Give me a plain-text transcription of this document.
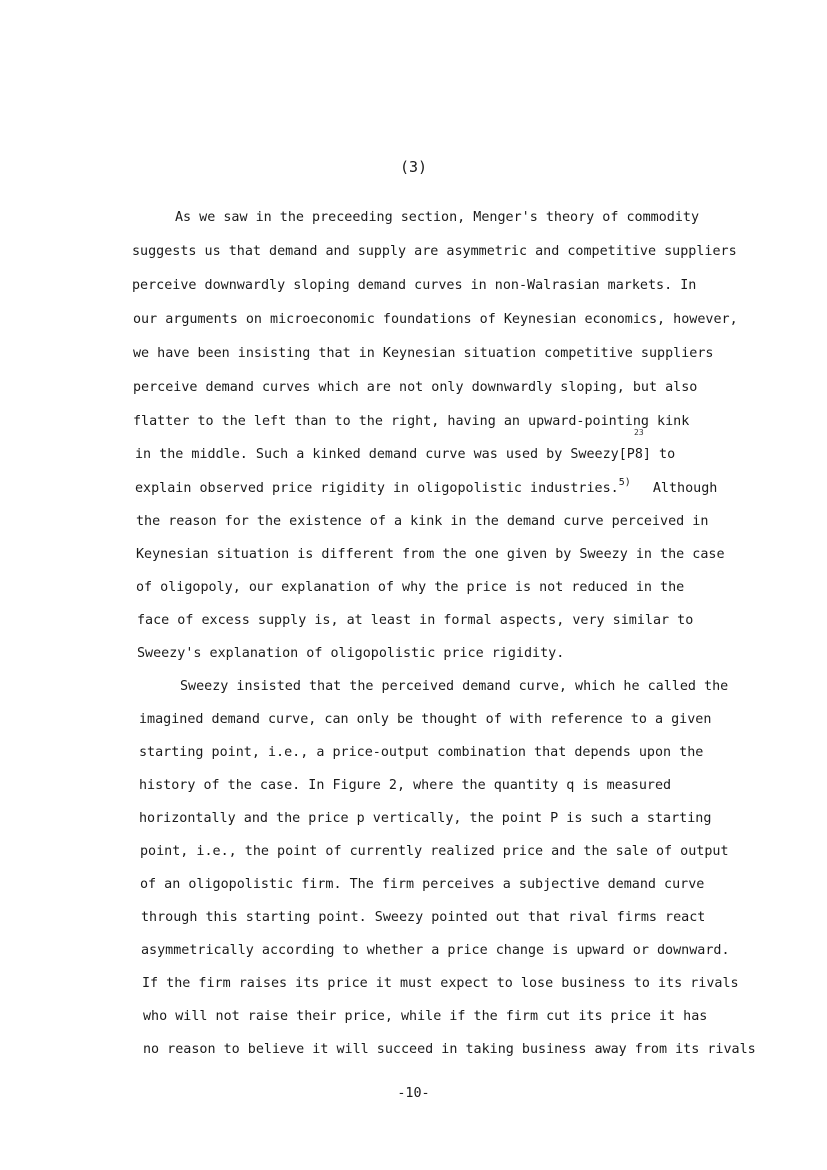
(3)
As we saw in the preceeding section, Menger's theory of commodity
suggests us that demand and supply are asymmetric and competitive suppliers
perceive downwardly sloping demand curves in non-Walrasian markets. In
our arguments on microeconomic foundations of Keynesian economics, however,
we have been insisting that in Keynesian situation competitive suppliers
perceive demand curves which are not only downwardly sloping, but also
flatter to the left than to the right, having an upward-pointing kink
23
in the middle. Such a kinked demand curve was used by Sweezy[P8] to
explain observed price rigidity in oligopolistic industries.$^{5)}$ Although
the reason for the existence of a kink in the demand curve perceived in
Keynesian situation is different from the one given by Sweezy in the case
of oligopoly, our explanation of why the price is not reduced in the
face of excess supply is, at least in formal aspects, very similar to
Sweezy's explanation of oligopolistic price rigidity.
Sweezy insisted that the perceived demand curve, which he called the
imagined demand curve, can only be thought of with reference to a given
starting point, i.e., a price-output combination that depends upon the
history of the case. In Figure 2, where the quantity q is measured
horizontally and the price p vertically, the point P is such a starting
point, i.e., the point of currently realized price and the sale of output
of an oligopolistic firm. The firm perceives a subjective demand curve
through this starting point. Sweezy pointed out that rival firms react
asymmetrically according to whether a price change is upward or downward.
If the firm raises its price it must expect to lose business to its rivals
who will not raise their price, while if the firm cut its price it has
no reason to believe it will succeed in taking business away from its rivals
-10-
